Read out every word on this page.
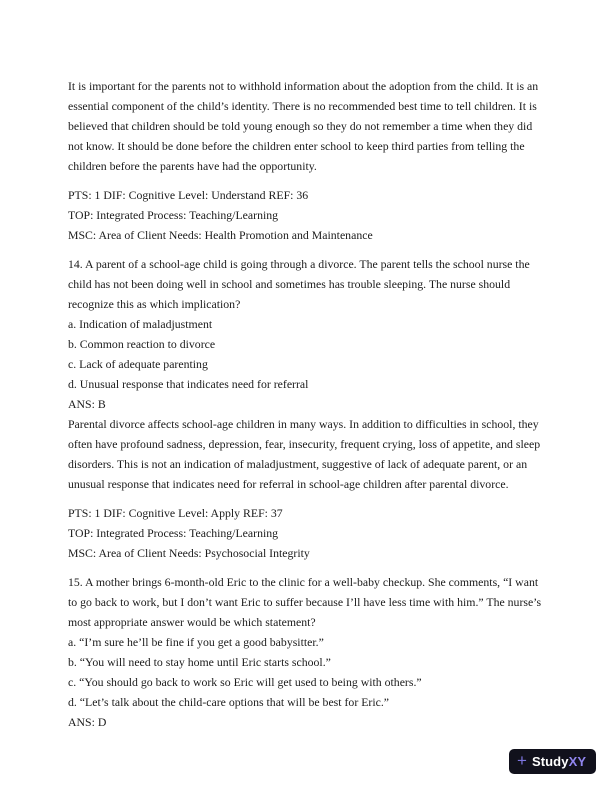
It is important for the parents not to withhold information about the adoption from the child. It is an essential component of the child’s identity. There is no recommended best time to tell children. It is believed that children should be told young enough so they do not remember a time when they did not know. It should be done before the children enter school to keep third parties from telling the children before the parents have had the opportunity.

PTS: 1 DIF: Cognitive Level: Understand REF: 36

TOP: Integrated Process: Teaching/Learning

MSC: Area of Client Needs: Health Promotion and Maintenance

14. A parent of a school-age child is going through a divorce. The parent tells the school nurse the child has not been doing well in school and sometimes has trouble sleeping. The nurse should recognize this as which implication?

a. Indication of maladjustment

b. Common reaction to divorce

c. Lack of adequate parenting

d. Unusual response that indicates need for referral

ANS: B

Parental divorce affects school-age children in many ways. In addition to difficulties in school, they often have profound sadness, depression, fear, insecurity, frequent crying, loss of appetite, and sleep disorders. This is not an indication of maladjustment, suggestive of lack of adequate parent, or an unusual response that indicates need for referral in school-age children after parental divorce.

PTS: 1 DIF: Cognitive Level: Apply REF: 37

TOP: Integrated Process: Teaching/Learning

MSC: Area of Client Needs: Psychosocial Integrity

15. A mother brings 6-month-old Eric to the clinic for a well-baby checkup. She comments, “I want to go back to work, but I don’t want Eric to suffer because I’ll have less time with him.” The nurse’s most appropriate answer would be which statement?

a. “I’m sure he’ll be fine if you get a good babysitter.”

b. “You will need to stay home until Eric starts school.”

c. “You should go back to work so Eric will get used to being with others.”

d. “Let’s talk about the child-care options that will be best for Eric.”

ANS: D

+ StudyXY
